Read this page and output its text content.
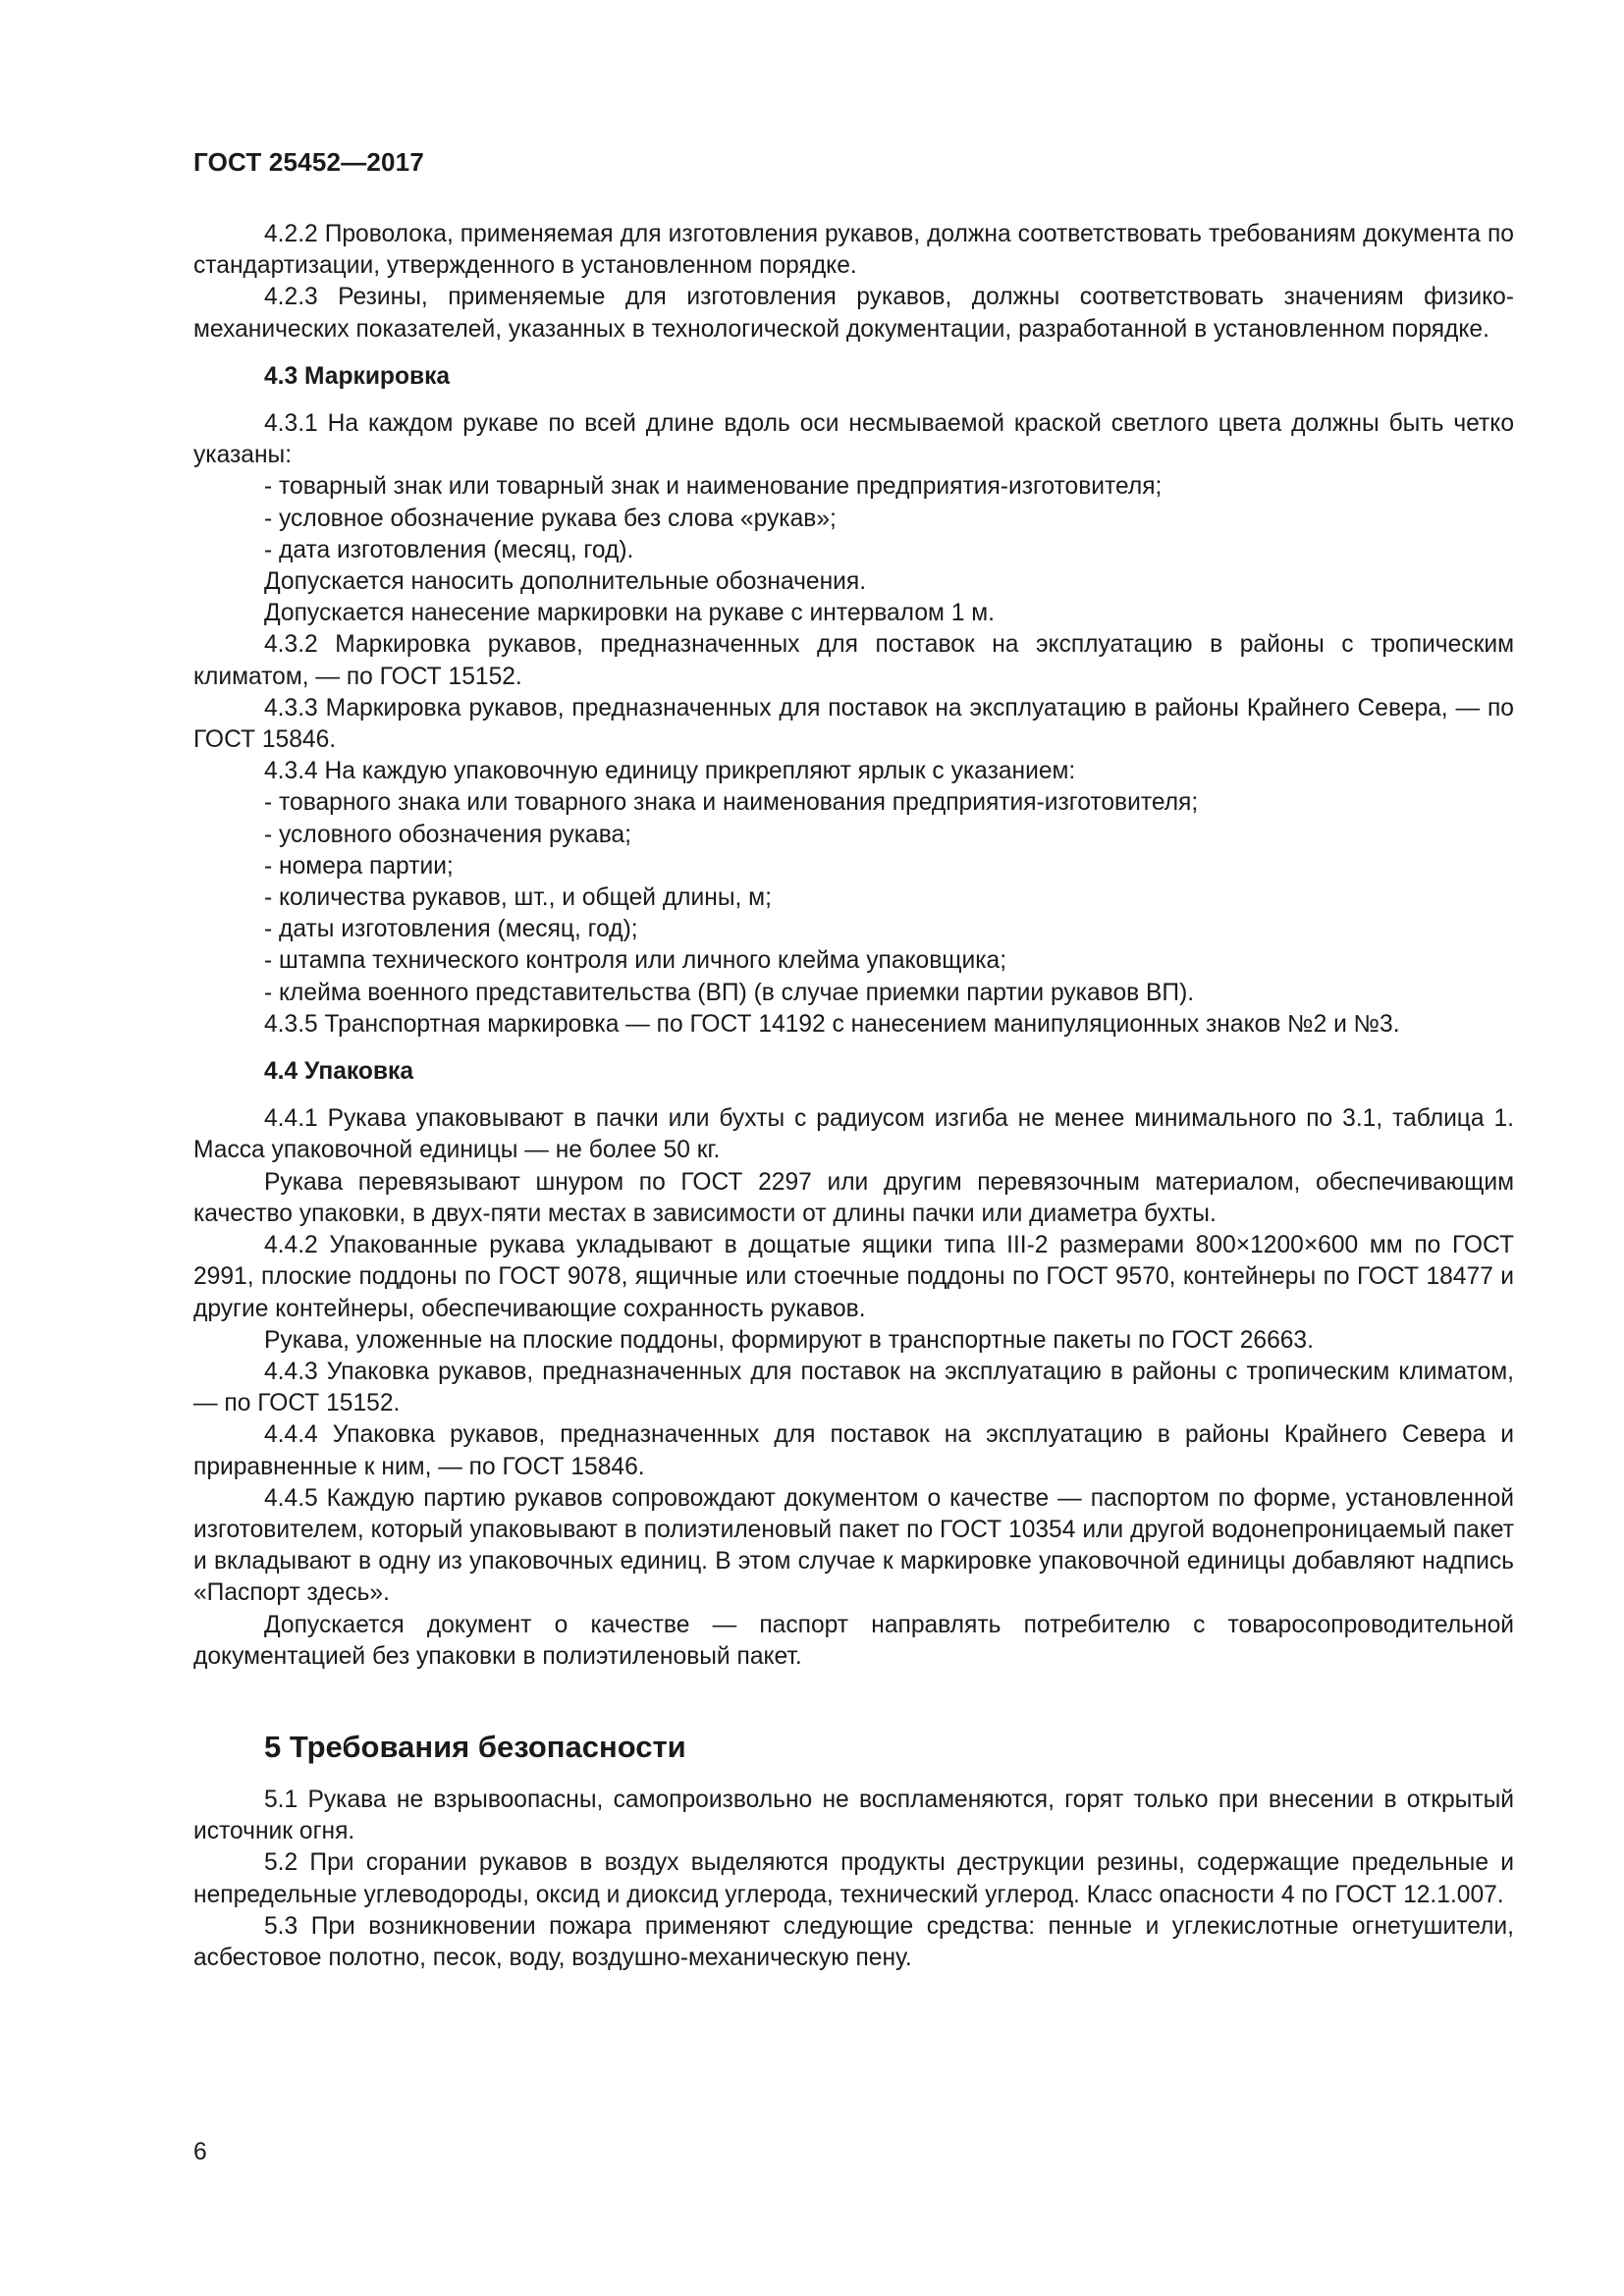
ГОСТ 25452—2017
4.2.2 Проволока, применяемая для изготовления рукавов, должна соответствовать требованиям документа по стандартизации, утвержденного в установленном порядке.
4.2.3 Резины, применяемые для изготовления рукавов, должны соответствовать значениям физико-механических показателей, указанных в технологической документации, разработанной в установленном порядке.
4.3 Маркировка
4.3.1 На каждом рукаве по всей длине вдоль оси несмываемой краской светлого цвета должны быть четко указаны:
- товарный знак или товарный знак и наименование предприятия-изготовителя;
- условное обозначение рукава без слова «рукав»;
- дата изготовления (месяц, год).
Допускается наносить дополнительные обозначения.
Допускается нанесение маркировки на рукаве с интервалом 1 м.
4.3.2 Маркировка рукавов, предназначенных для поставок на эксплуатацию в районы с тропическим климатом, — по ГОСТ 15152.
4.3.3 Маркировка рукавов, предназначенных для поставок на эксплуатацию в районы Крайнего Севера, — по ГОСТ 15846.
4.3.4 На каждую упаковочную единицу прикрепляют ярлык с указанием:
- товарного знака или товарного знака и наименования предприятия-изготовителя;
- условного обозначения рукава;
- номера партии;
- количества рукавов, шт., и общей длины, м;
- даты изготовления (месяц, год);
- штампа технического контроля или личного клейма упаковщика;
- клейма военного представительства (ВП) (в случае приемки партии рукавов ВП).
4.3.5 Транспортная маркировка — по ГОСТ 14192 с нанесением манипуляционных знаков №2 и №3.
4.4 Упаковка
4.4.1 Рукава упаковывают в пачки или бухты с радиусом изгиба не менее минимального по 3.1, таблица 1. Масса упаковочной единицы — не более 50 кг.
Рукава перевязывают шнуром по ГОСТ 2297 или другим перевязочным материалом, обеспечивающим качество упаковки, в двух-пяти местах в зависимости от длины пачки или диаметра бухты.
4.4.2 Упакованные рукава укладывают в дощатые ящики типа III-2 размерами 800×1200×600 мм по ГОСТ 2991, плоские поддоны по ГОСТ 9078, ящичные или стоечные поддоны по ГОСТ 9570, контейнеры по ГОСТ 18477 и другие контейнеры, обеспечивающие сохранность рукавов.
Рукава, уложенные на плоские поддоны, формируют в транспортные пакеты по ГОСТ 26663.
4.4.3 Упаковка рукавов, предназначенных для поставок на эксплуатацию в районы с тропическим климатом, — по ГОСТ 15152.
4.4.4 Упаковка рукавов, предназначенных для поставок на эксплуатацию в районы Крайнего Севера и приравненные к ним, — по ГОСТ 15846.
4.4.5 Каждую партию рукавов сопровождают документом о качестве — паспортом по форме, установленной изготовителем, который упаковывают в полиэтиленовый пакет по ГОСТ 10354 или другой водонепроницаемый пакет и вкладывают в одну из упаковочных единиц. В этом случае к маркировке упаковочной единицы добавляют надпись «Паспорт здесь».
Допускается документ о качестве — паспорт направлять потребителю с товаросопроводительной документацией без упаковки в полиэтиленовый пакет.
5 Требования безопасности
5.1 Рукава не взрывоопасны, самопроизвольно не воспламеняются, горят только при внесении в открытый источник огня.
5.2 При сгорании рукавов в воздух выделяются продукты деструкции резины, содержащие предельные и непредельные углеводороды, оксид и диоксид углерода, технический углерод. Класс опасности 4 по ГОСТ 12.1.007.
5.3 При возникновении пожара применяют следующие средства: пенные и углекислотные огнетушители, асбестовое полотно, песок, воду, воздушно-механическую пену.
6
